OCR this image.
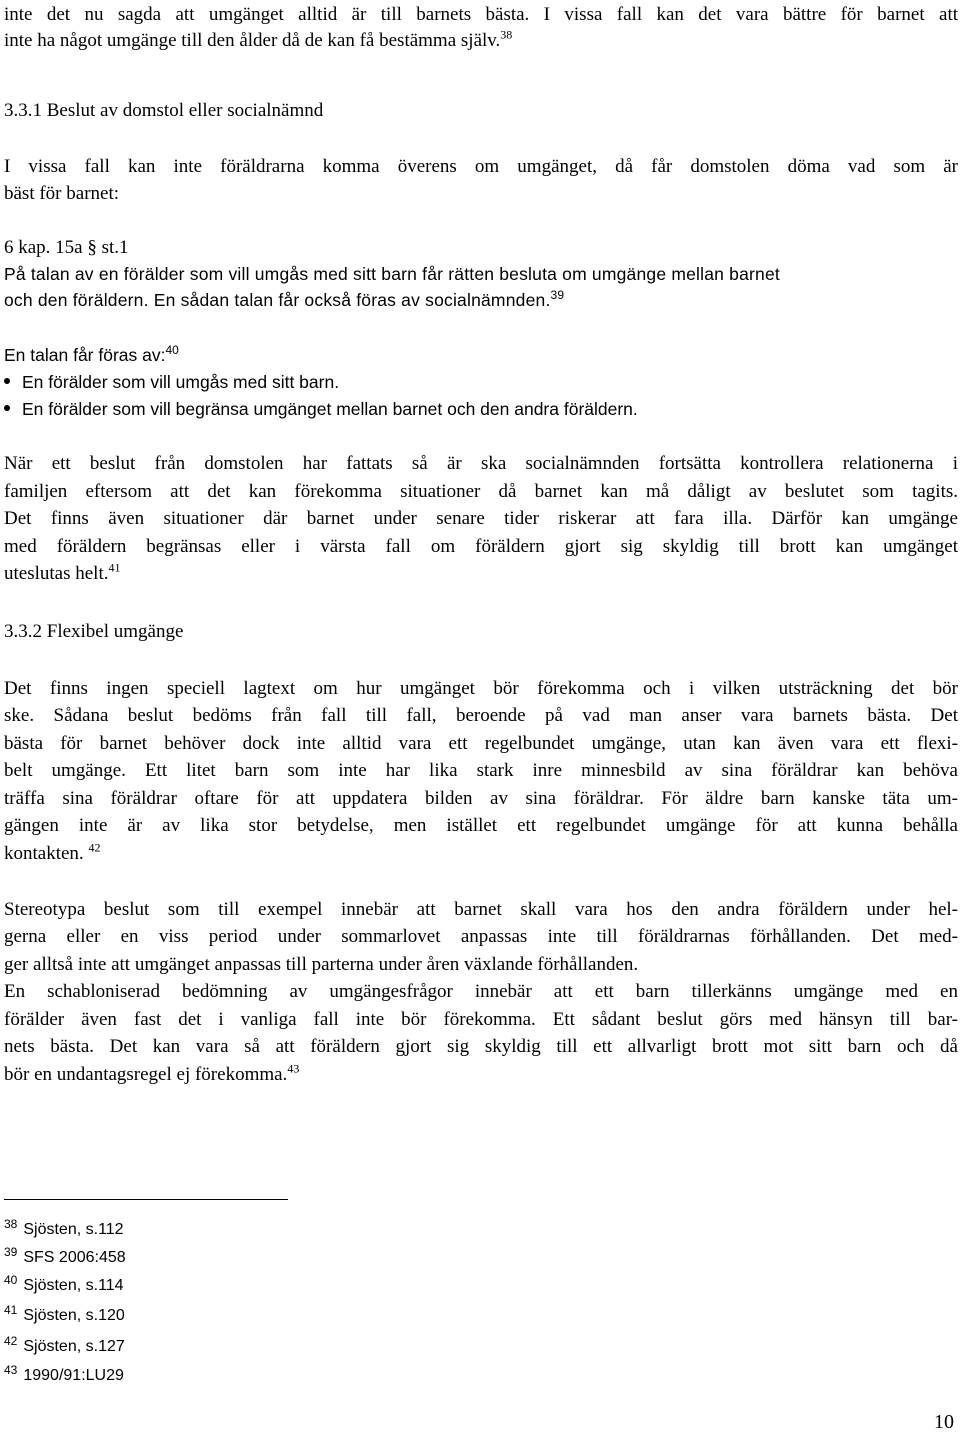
inte det nu sagda att umgänget alltid är till barnets bästa. I vissa fall kan det vara bättre för barnet att
inte ha något umgänge till den ålder då de kan få bestämma själv.$^{38}$
3.3.1 Beslut av domstol eller socialnämnd
I vissa fall kan inte föräldrarna komma överens om umgänget, då får domstolen döma vad som är
bäst för barnet:
6 kap. 15a § st.1
På talan av en förälder som vill umgås med sitt barn får rätten besluta om umgänge mellan barnet
och den föräldern. En sådan talan får också föras av socialnämnden.$^{39}$
En talan får föras av:$^{40}$
En förälder som vill umgås med sitt barn.
En förälder som vill begränsa umgänget mellan barnet och den andra föräldern.
När ett beslut från domstolen har fattats så är ska socialnämnden fortsätta kontrollera relationerna i
familjen eftersom att det kan förekomma situationer då barnet kan må dåligt av beslutet som tagits.
Det finns även situationer där barnet under senare tider riskerar att fara illa. Därför kan umgänge
med föräldern begränsas eller i värsta fall om föräldern gjort sig skyldig till brott kan umgänget
uteslutas helt.$^{41}$
3.3.2 Flexibel umgänge
Det finns ingen speciell lagtext om hur umgänget bör förekomma och i vilken utsträckning det bör
ske. Sådana beslut bedöms från fall till fall, beroende på vad man anser vara barnets bästa. Det
bästa för barnet behöver dock inte alltid vara ett regelbundet umgänge, utan kan även vara ett flexi-
belt umgänge. Ett litet barn som inte har lika stark inre minnesbild av sina föräldrar kan behöva
träffa sina föräldrar oftare för att uppdatera bilden av sina föräldrar. För äldre barn kanske täta um-
gängen inte är av lika stor betydelse, men istället ett regelbundet umgänge för att kunna behålla
kontakten. $^{42}$
Stereotypa beslut som till exempel innebär att barnet skall vara hos den andra föräldern under hel-
gerna eller en viss period under sommarlovet anpassas inte till föräldrarnas förhållanden. Det med-
ger alltså inte att umgänget anpassas till parterna under åren växlande förhållanden.
En schabloniserad bedömning av umgängesfrågor innebär att ett barn tillerkänns umgänge med en
förälder även fast det i vanliga fall inte bör förekomma. Ett sådant beslut görs med hänsyn till bar-
nets bästa. Det kan vara så att föräldern gjort sig skyldig till ett allvarligt brott mot sitt barn och då
bör en undantagsregel ej förekomma.$^{43}$
$^{38}$ Sjösten, s.112
$^{39}$ SFS 2006:458
$^{40}$ Sjösten, s.114
$^{41}$ Sjösten, s.120
$^{42}$ Sjösten, s.127
$^{43}$ 1990/91:LU29
10
